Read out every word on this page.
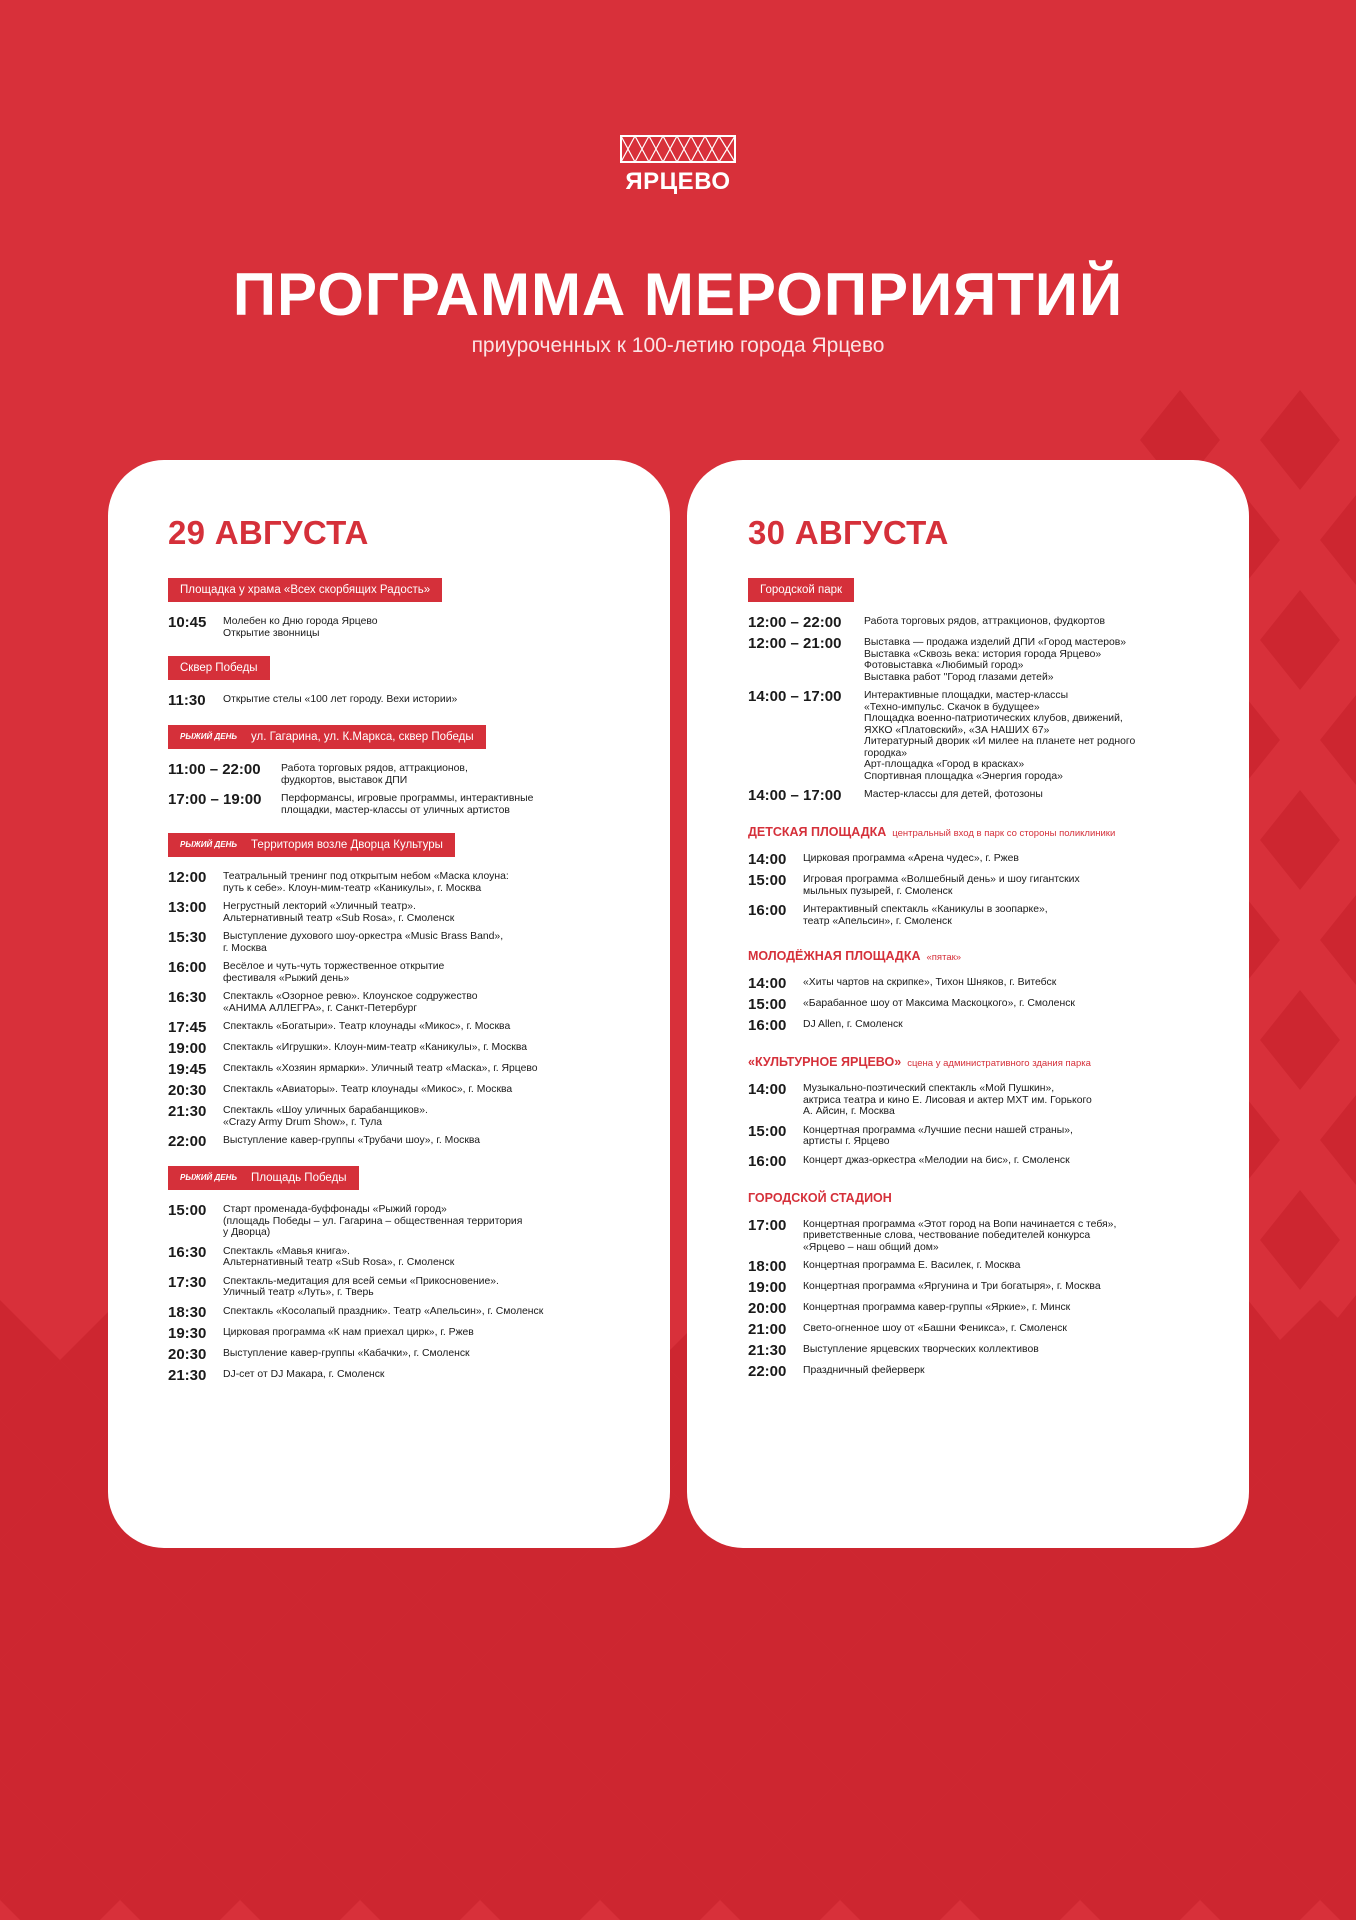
ЯРЦЕВО
ПРОГРАММА МЕРОПРИЯТИЙ
приуроченных к 100-летию города Ярцево
29 АВГУСТА
Площадка у храма «Всех скорбящих Радость»
10:45	Молебен ко Дню города Ярцево
Открытие звонницы
Сквер Победы
11:30	Открытие стелы «100 лет городу. Вехи истории»
РЫЖИЙ ДЕНЬ ул. Гагарина, ул. К.Маркса, сквер Победы
11:00 – 22:00	Работа торговых рядов, аттракционов,
фудкортов, выставок ДПИ
17:00 – 19:00	Перформансы, игровые программы, интерактивные
площадки, мастер-классы от уличных артистов
РЫЖИЙ ДЕНЬ Территория возле Дворца Культуры
12:00	Театральный тренинг под открытым небом «Маска клоуна:
путь к себе». Клоун-мим-театр «Каникулы», г. Москва
13:00	Негрустный лекторий «Уличный театр».
Альтернативный театр «Sub Rosa», г. Смоленск
15:30	Выступление духового шоу-оркестра «Music Brass Band»,
г. Москва
16:00	Весёлое и чуть-чуть торжественное открытие
фестиваля «Рыжий день»
16:30	Спектакль «Озорное ревю». Клоунское содружество
«АНИМА АЛЛЕГРА», г. Санкт-Петербург
17:45	Спектакль «Богатыри». Театр клоунады «Микос», г. Москва
19:00	Спектакль «Игрушки». Клоун-мим-театр «Каникулы», г. Москва
19:45	Спектакль «Хозяин ярмарки». Уличный театр «Маска», г. Ярцево
20:30	Спектакль «Авиаторы». Театр клоунады «Микос», г. Москва
21:30	Спектакль «Шоу уличных барабанщиков».
«Crazy Army Drum Show», г. Тула
22:00	Выступление кавер-группы «Трубачи шоу», г. Москва
РЫЖИЙ ДЕНЬ Площадь Победы
15:00	Старт променада-буффонады «Рыжий город»
(площадь Победы – ул. Гагарина – общественная территория
у Дворца)
16:30	Спектакль «Мавья книга».
Альтернативный театр «Sub Rosa», г. Смоленск
17:30	Спектакль-медитация для всей семьи «Прикосновение».
Уличный театр «Луть», г. Тверь
18:30	Спектакль «Косолапый праздник». Театр «Апельсин», г. Смоленск
19:30	Цирковая программа «К нам приехал цирк», г. Ржев
20:30	Выступление кавер-группы «Кабачки», г. Смоленск
21:30	DJ-сет от DJ Макара, г. Смоленск
30 АВГУСТА
Городской парк
12:00 – 22:00	Работа торговых рядов, аттракционов, фудкортов
12:00 – 21:00	Выставка — продажа изделий ДПИ «Город мастеров»
Выставка «Сквозь века: история города Ярцево»
Фотовыставка «Любимый город»
Выставка работ "Город глазами детей»
14:00 – 17:00	Интерактивные площадки, мастер-классы
«Техно-импульс. Скачок в будущее»
Площадка военно-патриотических клубов, движений,
ЯХКО «Платовский», «ЗА НАШИХ 67»
Литературный дворик «И милее на планете нет родного
городка»
Арт-площадка «Город в красках»
Спортивная площадка «Энергия города»
14:00 – 17:00	Мастер-классы для детей, фотозоны
ДЕТСКАЯ ПЛОЩАДКА центральный вход в парк со стороны поликлиники
14:00	Цирковая программа «Арена чудес», г. Ржев
15:00	Игровая программа «Волшебный день» и шоу гигантских
мыльных пузырей, г. Смоленск
16:00	Интерактивный спектакль «Каникулы в зоопарке»,
театр «Апельсин», г. Смоленск
МОЛОДЁЖНАЯ ПЛОЩАДКА «пятак»
14:00	«Хиты чартов на скрипке», Тихон Шняков, г. Витебск
15:00	«Барабанное шоу от Максима Маскоцкого», г. Смоленск
16:00	DJ Allen, г. Смоленск
«КУЛЬТУРНОЕ ЯРЦЕВО» сцена у административного здания парка
14:00	Музыкально-поэтический спектакль «Мой Пушкин»,
актриса театра и кино Е. Лисовая и актер МХТ им. Горького
А. Айсин, г. Москва
15:00	Концертная программа «Лучшие песни нашей страны»,
артисты г. Ярцево
16:00	Концерт джаз-оркестра «Мелодии на бис», г. Смоленск
ГОРОДСКОЙ СТАДИОН
17:00	Концертная программа «Этот город на Вопи начинается с тебя»,
приветственные слова, чествование победителей конкурса
«Ярцево – наш общий дом»
18:00	Концертная программа Е. Василек, г. Москва
19:00	Концертная программа «Яргунина и Три богатыря», г. Москва
20:00	Концертная программа кавер-группы «Яркие», г. Минск
21:00	Свето-огненное шоу от «Башни Феникса», г. Смоленск
21:30	Выступление ярцевских творческих коллективов
22:00	Праздничный фейерверк
